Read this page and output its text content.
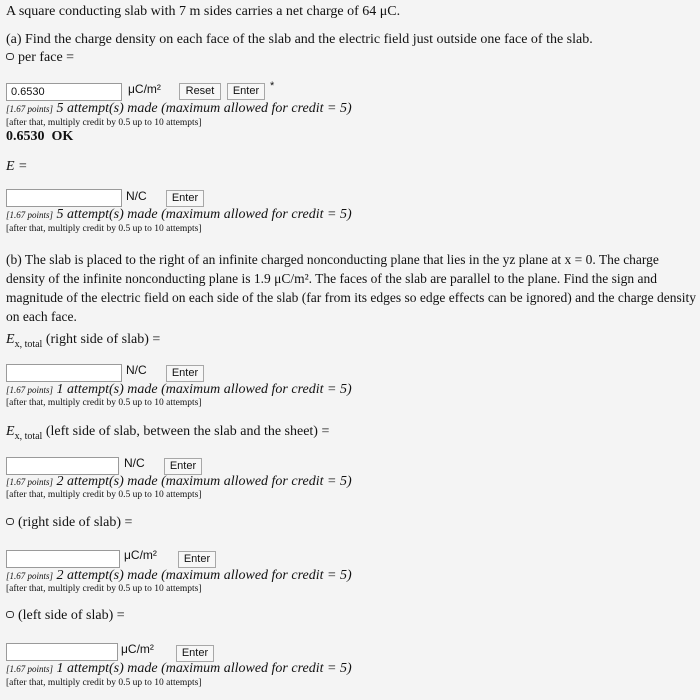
A square conducting slab with 7 m sides carries a net charge of 64 μC.
(a) Find the charge density on each face of the slab and the electric field just outside one face of the slab.
per face =
0.6530	μC/m²	Reset	Enter *
[1.67 points] 5 attempt(s) made (maximum allowed for credit = 5)
[after that, multiply credit by 0.5 up to 10 attempts]
0.6530 OK
E =
N/C	Enter
[1.67 points] 5 attempt(s) made (maximum allowed for credit = 5)
[after that, multiply credit by 0.5 up to 10 attempts]
(b) The slab is placed to the right of an infinite charged nonconducting plane that lies in the yz plane at x = 0. The charge density of the infinite nonconducting plane is 1.9 μC/m². The faces of the slab are parallel to the plane. Find the sign and magnitude of the electric field on each side of the slab (far from its edges so edge effects can be ignored) and the charge density on each face.
$E_{x, total}$ (right side of slab) =
N/C	Enter
[1.67 points] 1 attempt(s) made (maximum allowed for credit = 5)
[after that, multiply credit by 0.5 up to 10 attempts]
$E_{x, total}$ (left side of slab, between the slab and the sheet) =
N/C	Enter
[1.67 points] 2 attempt(s) made (maximum allowed for credit = 5)
[after that, multiply credit by 0.5 up to 10 attempts]
(right side of slab) =
μC/m²	Enter
[1.67 points] 2 attempt(s) made (maximum allowed for credit = 5)
[after that, multiply credit by 0.5 up to 10 attempts]
(left side of slab) =
μC/m²	Enter
[1.67 points] 1 attempt(s) made (maximum allowed for credit = 5)
[after that, multiply credit by 0.5 up to 10 attempts]
